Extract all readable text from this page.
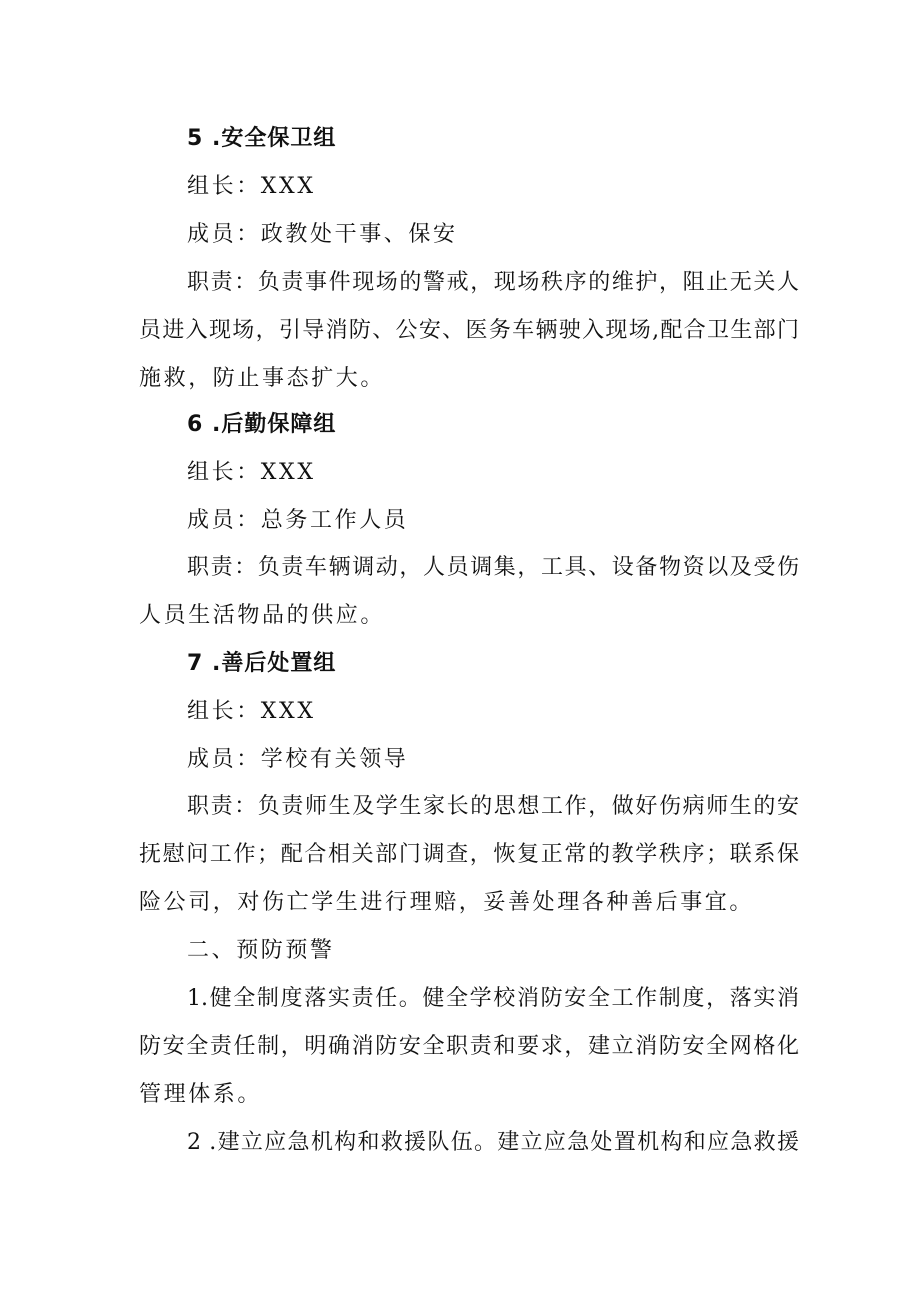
5 .安全保卫组
组长：XXX
成员：政教处干事、保安
职责：负责事件现场的警戒，现场秩序的维护，阻止无关人
员进入现场，引导消防、公安、医务车辆驶入现场,配合卫生部门
施救，防止事态扩大。
6 .后勤保障组
组长：XXX
成员：总务工作人员
职责：负责车辆调动，人员调集，工具、设备物资以及受伤
人员生活物品的供应。
7 .善后处置组
组长：XXX
成员：学校有关领导
职责：负责师生及学生家长的思想工作，做好伤病师生的安
抚慰问工作；配合相关部门调查，恢复正常的教学秩序；联系保
险公司，对伤亡学生进行理赔，妥善处理各种善后事宜。
二、预防预警
1.健全制度落实责任。健全学校消防安全工作制度，落实消
防安全责任制，明确消防安全职责和要求，建立消防安全网格化
管理体系。
2 .建立应急机构和救援队伍。建立应急处置机构和应急救援
